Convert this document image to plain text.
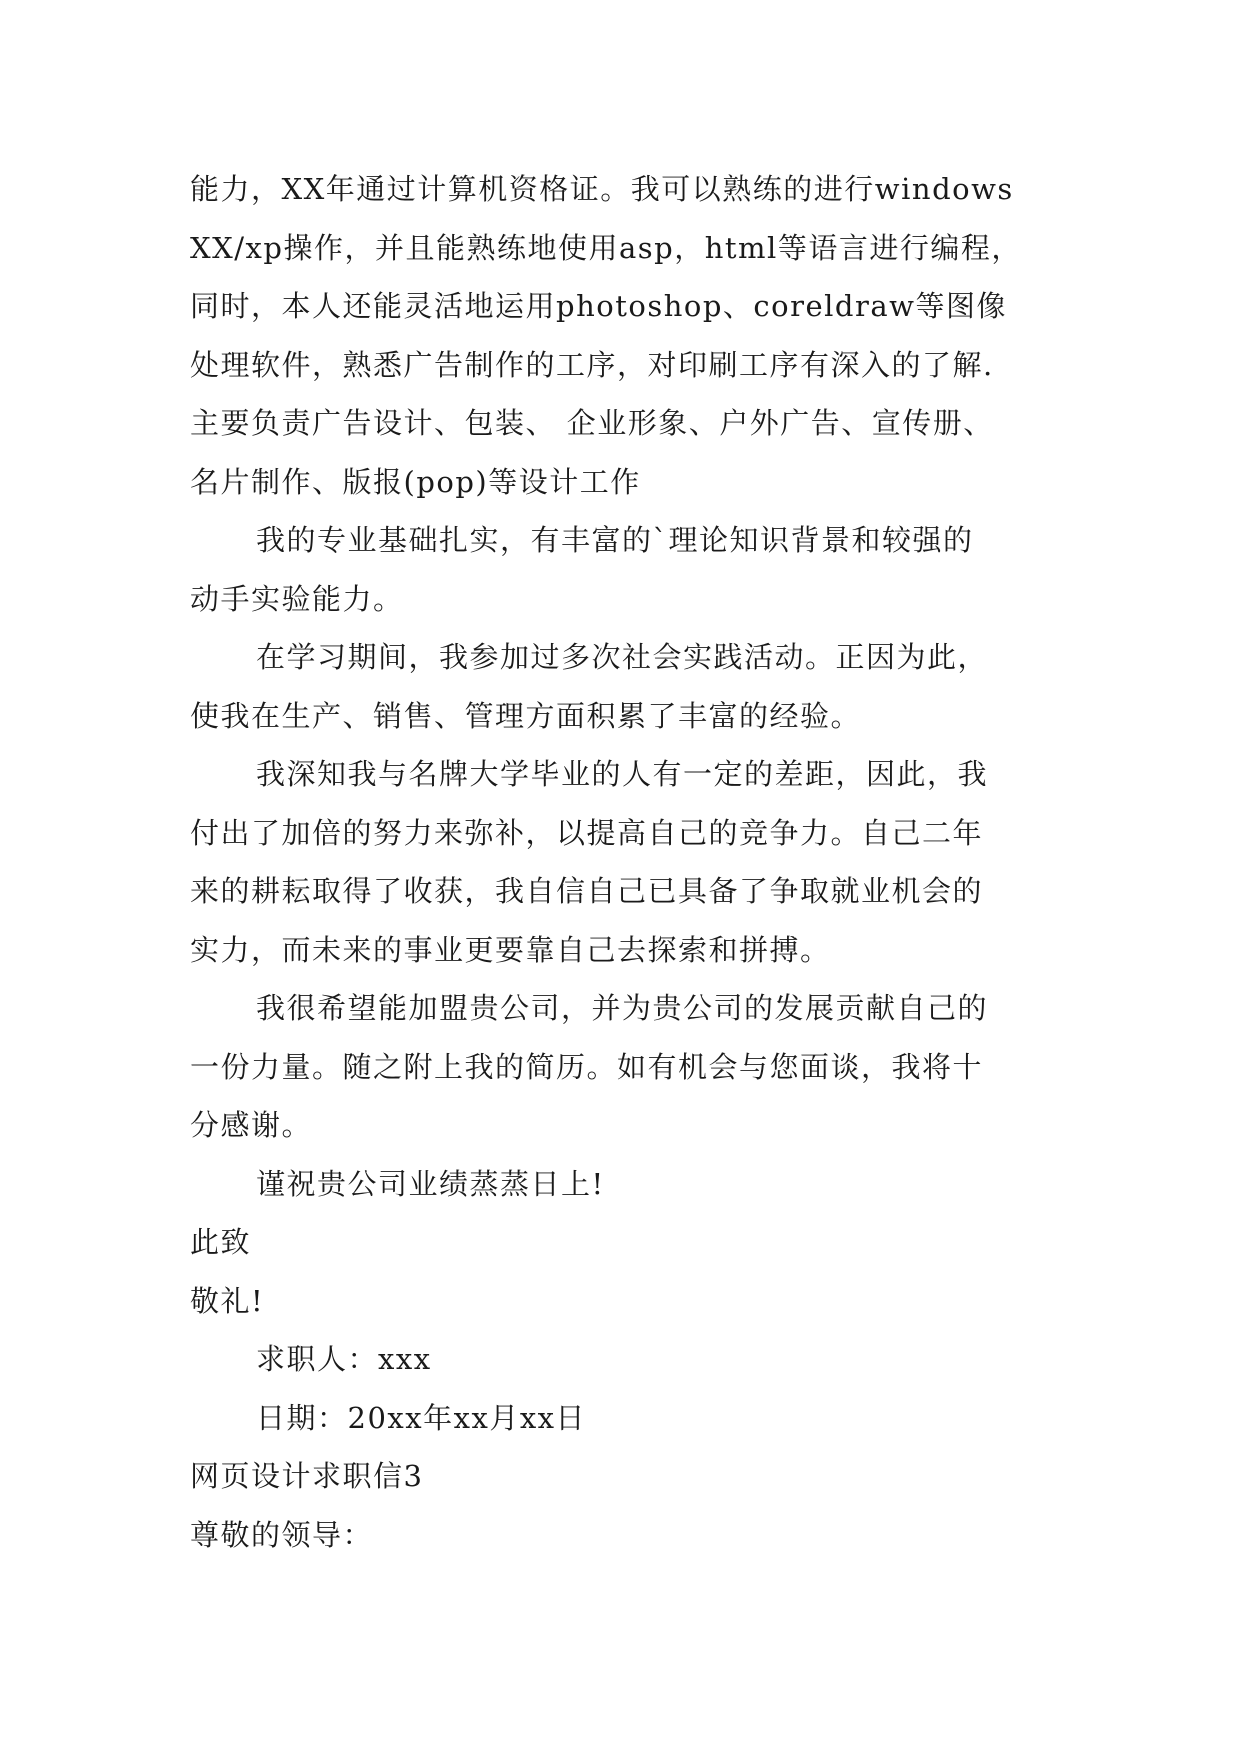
能力，XX年通过计算机资格证。我可以熟练的进行windows
XX/xp操作，并且能熟练地使用asp，html等语言进行编程，
同时，本人还能灵活地运用photoshop、coreldraw等图像
处理软件，熟悉广告制作的工序，对印刷工序有深入的了解.
主要负责广告设计、包装、 企业形象、户外广告、宣传册、
名片制作、版报(pop)等设计工作
我的专业基础扎实，有丰富的`理论知识背景和较强的
动手实验能力。
在学习期间，我参加过多次社会实践活动。正因为此，
使我在生产、销售、管理方面积累了丰富的经验。
我深知我与名牌大学毕业的人有一定的差距，因此，我
付出了加倍的努力来弥补，以提高自己的竞争力。自己二年
来的耕耘取得了收获，我自信自己已具备了争取就业机会的
实力，而未来的事业更要靠自己去探索和拼搏。
我很希望能加盟贵公司，并为贵公司的发展贡献自己的
一份力量。随之附上我的简历。如有机会与您面谈，我将十
分感谢。
谨祝贵公司业绩蒸蒸日上!
此致
敬礼!
求职人：xxx
日期：20xx年xx月xx日
网页设计求职信3
尊敬的领导：
